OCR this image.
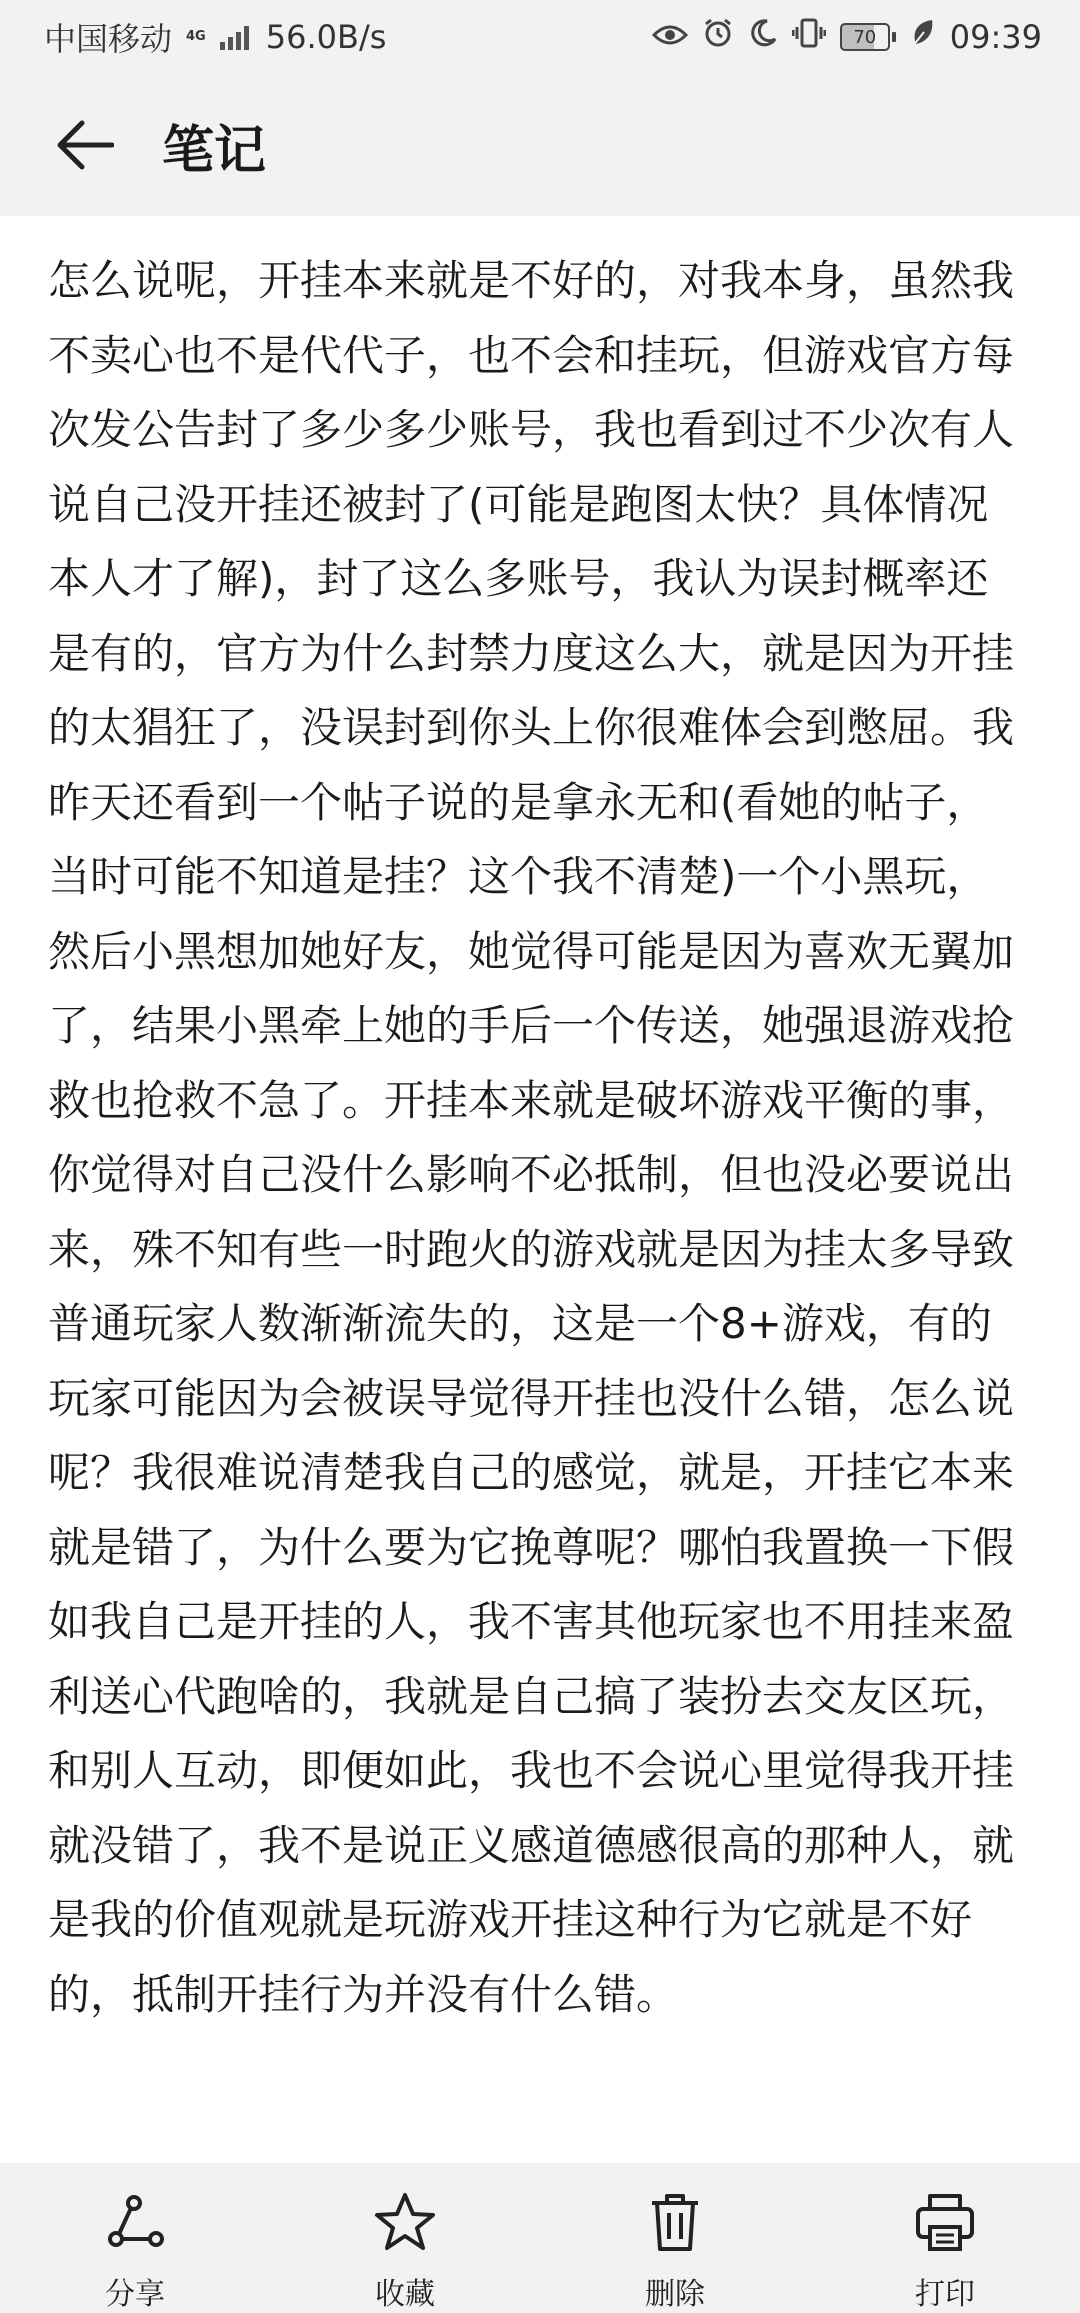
中国移动 4G 56.0B/s	70	09:39
笔记

怎么说呢，开挂本来就是不好的，对我本身，虽然我不卖心也不是代代子，也不会和挂玩，但游戏官方每次发公告封了多少多少账号，我也看到过不少次有人说自己没开挂还被封了(可能是跑图太快？具体情况本人才了解)，封了这么多账号，我认为误封概率还是有的，官方为什么封禁力度这么大，就是因为开挂的太猖狂了，没误封到你头上你很难体会到憋屈。我昨天还看到一个帖子说的是拿永无和(看她的帖子，当时可能不知道是挂？这个我不清楚)一个小黑玩，然后小黑想加她好友，她觉得可能是因为喜欢无翼加了，结果小黑牵上她的手后一个传送，她强退游戏抢救也抢救不急了。开挂本来就是破坏游戏平衡的事，你觉得对自己没什么影响不必抵制，但也没必要说出来，殊不知有些一时跑火的游戏就是因为挂太多导致普通玩家人数渐渐流失的，这是一个8+游戏，有的玩家可能因为会被误导觉得开挂也没什么错，怎么说呢？我很难说清楚我自己的感觉，就是，开挂它本来就是错了，为什么要为它挽尊呢？哪怕我置换一下假如我自己是开挂的人，我不害其他玩家也不用挂来盈利送心代跑啥的，我就是自己搞了装扮去交友区玩，和别人互动，即便如此，我也不会说心里觉得我开挂就没错了，我不是说正义感道德感很高的那种人，就是我的价值观就是玩游戏开挂这种行为它就是不好的，抵制开挂行为并没有什么错。

分享	收藏	删除	打印
